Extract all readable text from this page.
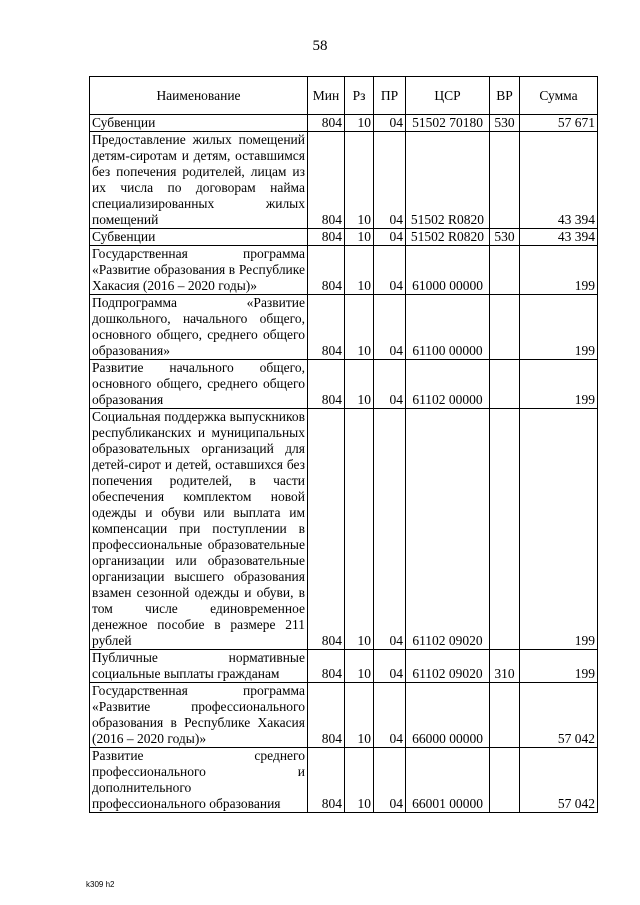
58
Наименование	Мин	Рз	ПР	ЦСР	ВР	Сумма
Субвенции	804	10	04	51502 70180	530	57 671
Предоставление жилых помещений детям-сиротам и детям, оставшимся без попечения родителей, лицам из их числа по договорам найма специализированных жилых помещений	804	10	04	51502 R0820		43 394
Субвенции	804	10	04	51502 R0820	530	43 394
Государственная программа «Развитие образования в Республике Хакасия (2016 – 2020 годы)»	804	10	04	61000 00000		199
Подпрограмма «Развитие дошкольного, начального общего, основного общего, среднего общего образования»	804	10	04	61100 00000		199
Развитие начального общего, основного общего, среднего общего образования	804	10	04	61102 00000		199
Социальная поддержка выпускников республиканских и муниципальных образовательных организаций для детей-сирот и детей, оставшихся без попечения родителей, в части обеспечения комплектом новой одежды и обуви или выплата им компенсации при поступлении в профессиональные образовательные организации или образовательные организации высшего образования взамен сезонной одежды и обуви, в том числе единовременное денежное пособие в размере 211 рублей	804	10	04	61102 09020		199
Публичные нормативные социальные выплаты гражданам	804	10	04	61102 09020	310	199
Государственная программа «Развитие профессионального образования в Республике Хакасия (2016 – 2020 годы)»	804	10	04	66000 00000		57 042
Развитие среднего профессионального и дополнительного профессионального образования	804	10	04	66001 00000		57 042
k309 h2
